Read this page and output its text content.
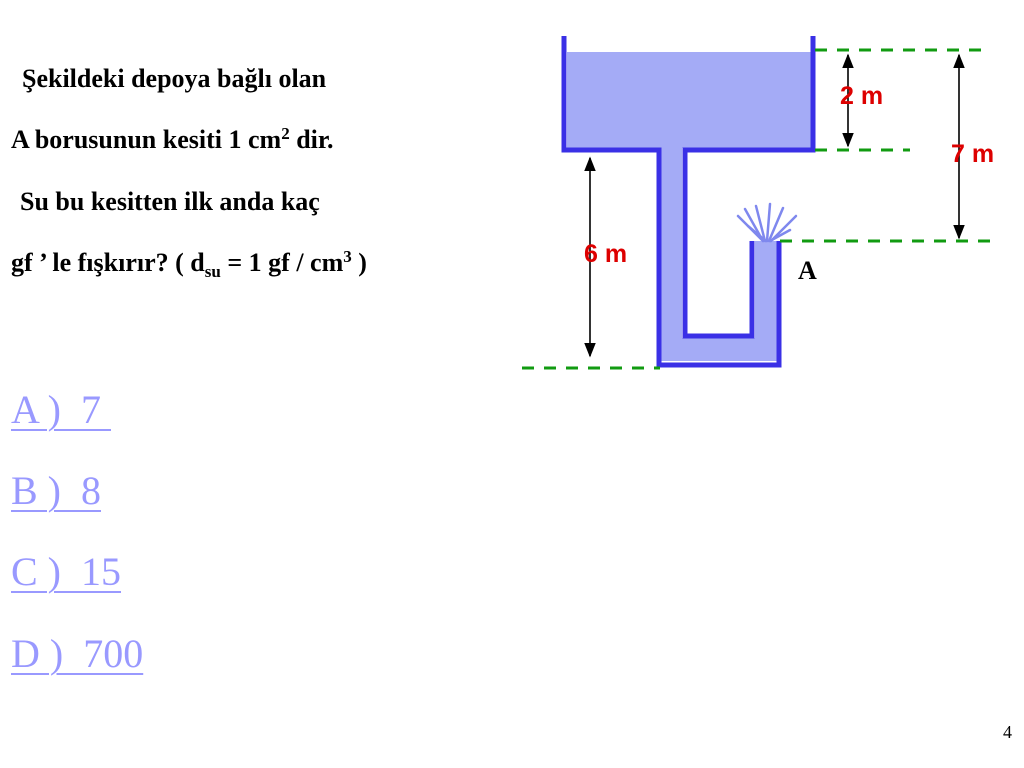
Şekildeki depoya bağlı olan
A borusunun kesiti 1 $cm^2$ dir.
Su bu kesitten ilk anda kaç
gf ’ le fışkırır? ( $d_{su} = 1$ gf / $cm^3$ )
A )  7
B )  8
C )  15
D )  700
2 m
7 m
6 m
A
4
